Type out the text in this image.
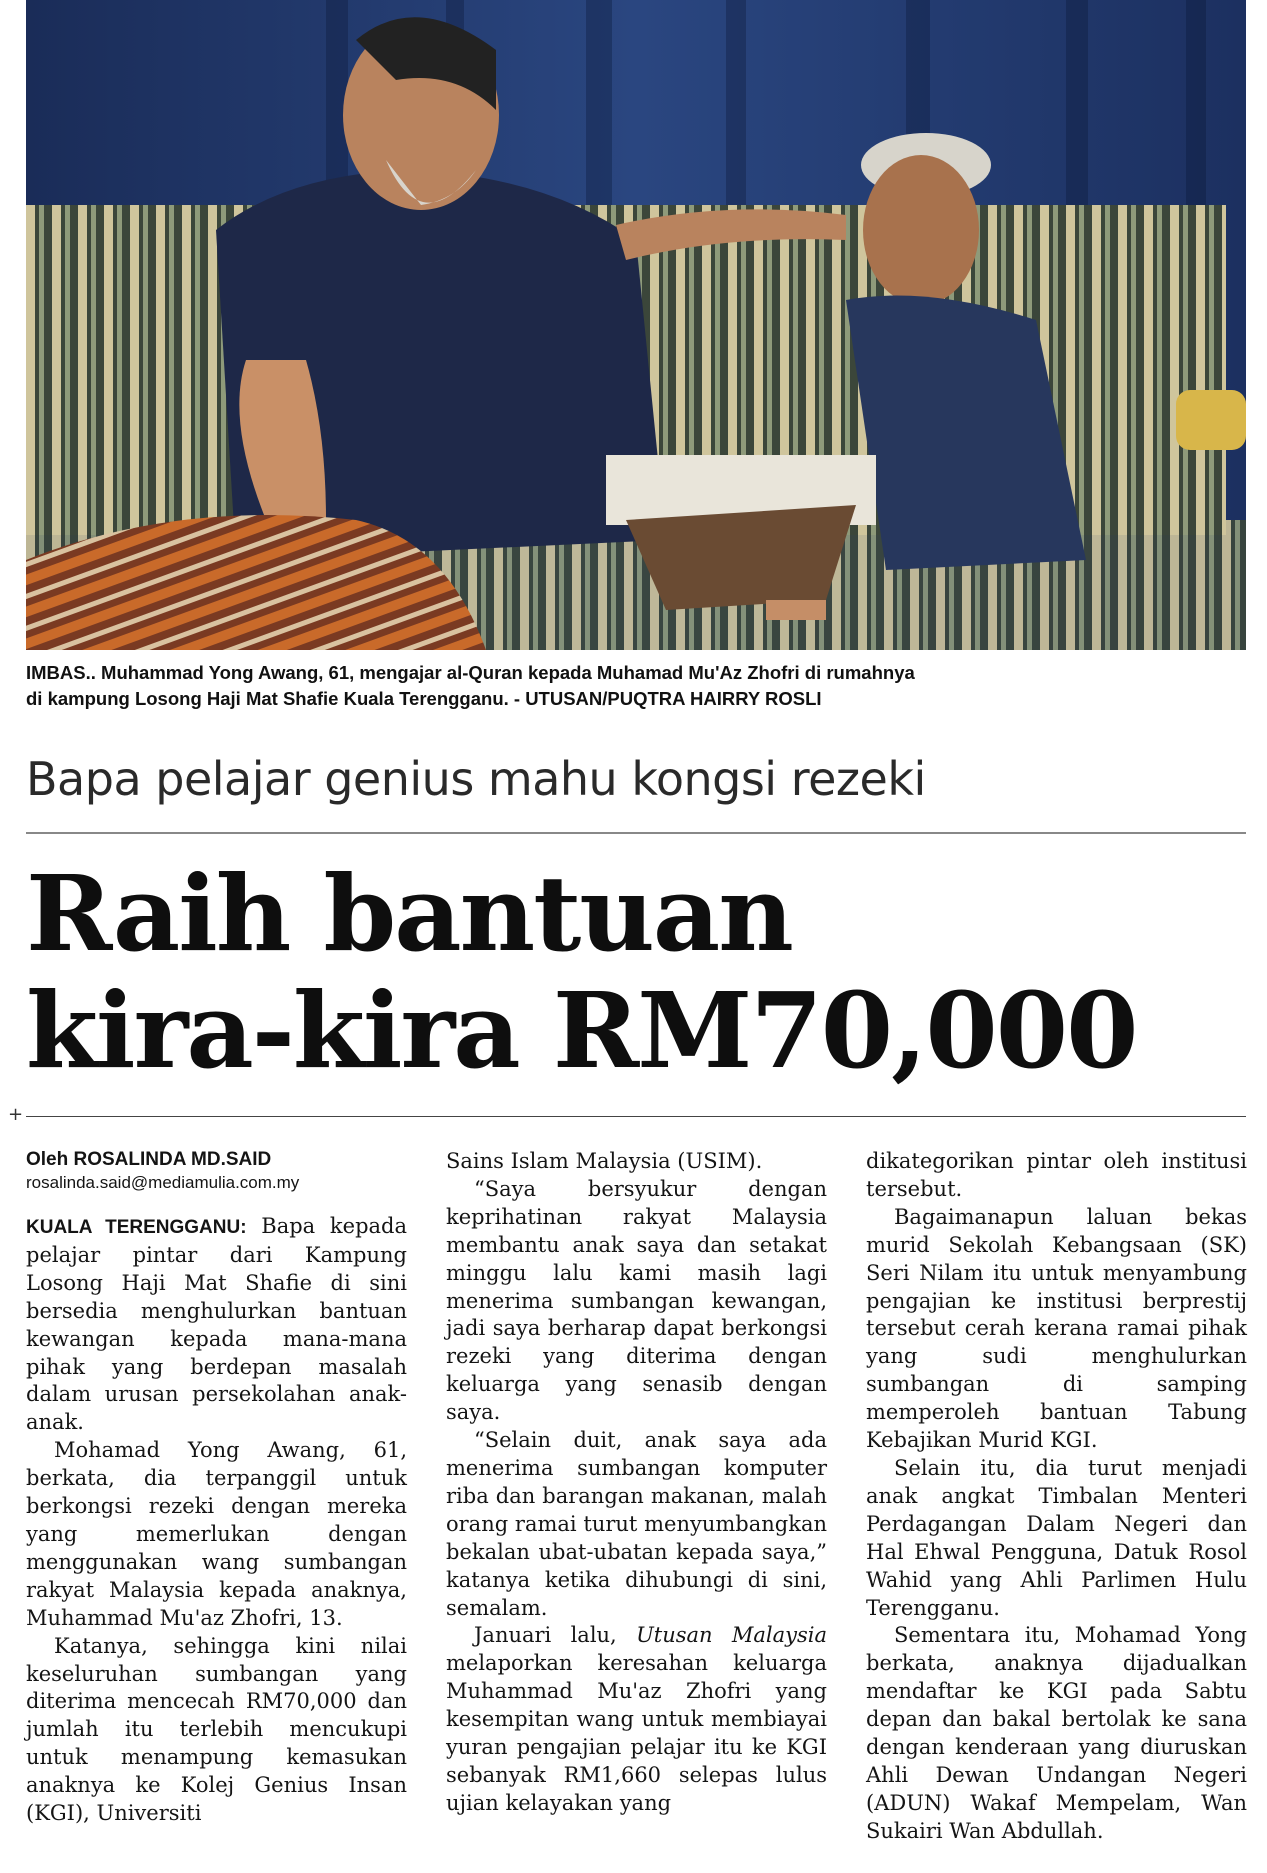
IMBAS.. Muhammad Yong Awang, 61, mengajar al-Quran kepada Muhamad Mu'Az Zhofri di rumahnya

di kampung Losong Haji Mat Shafie Kuala Terengganu. - UTUSAN/PUQTRA HAIRRY ROSLI

Bapa pelajar genius mahu kongsi rezeki
Raih bantuan
kira-kira RM70,000
+
Oleh ROSALINDA MD.SAID
rosalinda.said@mediamulia.com.my

KUALA TERENGGANU: Bapa kepada pelajar pintar dari Kampung Losong Haji Mat Shafie di sini bersedia menghulurkan bantuan kewangan kepada mana-mana pihak yang berdepan masalah dalam urusan persekolahan anak-anak.

Mohamad Yong Awang, 61, berkata, dia terpanggil untuk berkongsi rezeki dengan mereka yang memerlukan dengan menggunakan wang sumbangan rakyat Malaysia kepada anaknya, Muhammad Mu'az Zhofri, 13.

Katanya, sehingga kini nilai keseluruhan sumbangan yang diterima mencecah RM70,000 dan jumlah itu terlebih mencukupi untuk menampung kemasukan anaknya ke Kolej Genius Insan (KGI), Universiti

Sains Islam Malaysia (USIM).

“Saya bersyukur dengan keprihatinan rakyat Malaysia membantu anak saya dan setakat minggu lalu kami masih lagi menerima sumbangan kewangan, jadi saya berharap dapat berkongsi rezeki yang diterima dengan keluarga yang senasib dengan saya.

“Selain duit, anak saya ada menerima sumbangan komputer riba dan barangan makanan, malah orang ramai turut menyumbangkan bekalan ubat-ubatan kepada saya,” katanya ketika dihubungi di sini, semalam.

Januari lalu, Utusan Malaysia melaporkan keresahan keluarga Muhammad Mu'az Zhofri yang kesempitan wang untuk membiayai yuran pengajian pelajar itu ke KGI sebanyak RM1,660 selepas lulus ujian kelayakan yang

dikategorikan pintar oleh institusi tersebut.

Bagaimanapun laluan bekas murid Sekolah Kebangsaan (SK) Seri Nilam itu untuk menyambung pengajian ke institusi berprestij tersebut cerah kerana ramai pihak yang sudi menghulurkan sumbangan di samping memperoleh bantuan Tabung Kebajikan Murid KGI.

Selain itu, dia turut menjadi anak angkat Timbalan Menteri Perdagangan Dalam Negeri dan Hal Ehwal Pengguna, Datuk Rosol Wahid yang Ahli Parlimen Hulu Terengganu.

Sementara itu, Mohamad Yong berkata, anaknya dijadualkan mendaftar ke KGI pada Sabtu depan dan bakal bertolak ke sana dengan kenderaan yang diuruskan Ahli Dewan Undangan Negeri (ADUN) Wakaf Mempelam, Wan Sukairi Wan Abdullah.
